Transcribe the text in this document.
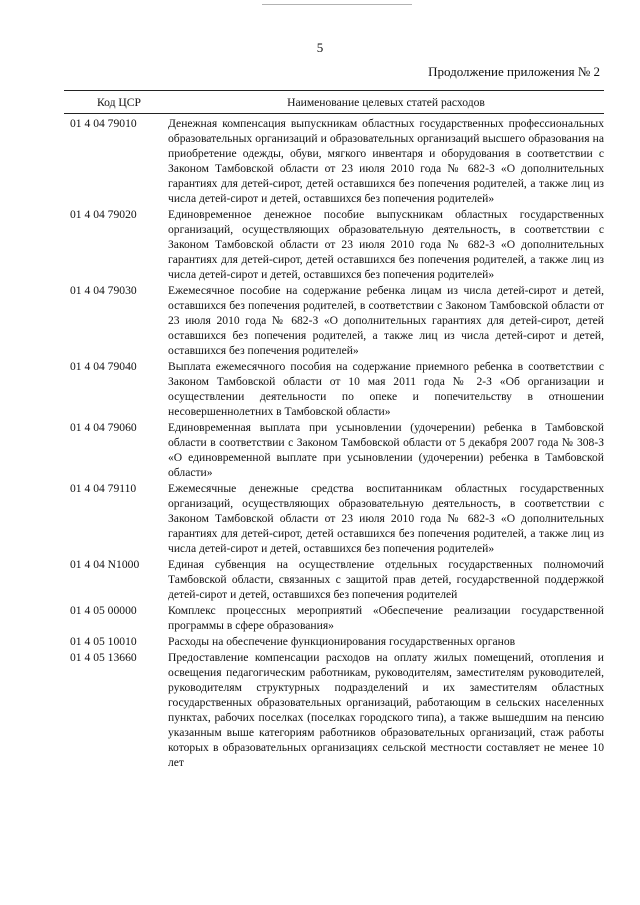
5
Продолжение приложения № 2
Код ЦСР	Наименование целевых статей расходов
01 4 04 79010	Денежная компенсация выпускникам областных государственных профессиональных образовательных организаций и образовательных организаций высшего образования на приобретение одежды, обуви, мягкого инвентаря и оборудования в соответствии с Законом Тамбовской области от 23 июля 2010 года № 682-З «О дополнительных гарантиях для детей-сирот, детей оставшихся без попечения родителей, а также лиц из числа детей-сирот и детей, оставшихся без попечения родителей»
01 4 04 79020	Единовременное денежное пособие выпускникам областных государственных организаций, осуществляющих образовательную деятельность, в соответствии с Законом Тамбовской области от 23 июля 2010 года № 682-З «О дополнительных гарантиях для детей-сирот, детей оставшихся без попечения родителей, а также лиц из числа детей-сирот и детей, оставшихся без попечения родителей»
01 4 04 79030	Ежемесячное пособие на содержание ребенка лицам из числа детей-сирот и детей, оставшихся без попечения родителей, в соответствии с Законом Тамбовской области от 23 июля 2010 года № 682-З «О дополнительных гарантиях для детей-сирот, детей оставшихся без попечения родителей, а также лиц из числа детей-сирот и детей, оставшихся без попечения родителей»
01 4 04 79040	Выплата ежемесячного пособия на содержание приемного ребенка в соответствии с Законом Тамбовской области от 10 мая 2011 года № 2-З «Об организации и осуществлении деятельности по опеке и попечительству в отношении несовершеннолетних в Тамбовской области»
01 4 04 79060	Единовременная выплата при усыновлении (удочерении) ребенка в Тамбовской области в соответствии с Законом Тамбовской области от 5 декабря 2007 года № 308-З «О единовременной выплате при усыновлении (удочерении) ребенка в Тамбовской области»
01 4 04 79110	Ежемесячные денежные средства воспитанникам областных государственных организаций, осуществляющих образовательную деятельность, в соответствии с Законом Тамбовской области от 23 июля 2010 года № 682-З «О дополнительных гарантиях для детей-сирот, детей оставшихся без попечения родителей, а также лиц из числа детей-сирот и детей, оставшихся без попечения родителей»
01 4 04 N1000	Единая субвенция на осуществление отдельных государственных полномочий Тамбовской области, связанных с защитой прав детей, государственной поддержкой детей-сирот и детей, оставшихся без попечения родителей
01 4 05 00000	Комплекс процессных мероприятий «Обеспечение реализации государственной программы в сфере образования»
01 4 05 10010	Расходы на обеспечение функционирования государственных органов
01 4 05 13660	Предоставление компенсации расходов на оплату жилых помещений, отопления и освещения педагогическим работникам, руководителям, заместителям руководителей, руководителям структурных подразделений и их заместителям областных государственных образовательных организаций, работающим в сельских населенных пунктах, рабочих поселках (поселках городского типа), а также вышедшим на пенсию указанным выше категориям работников образовательных организаций, стаж работы которых в образовательных организациях сельской местности составляет не менее 10 лет
